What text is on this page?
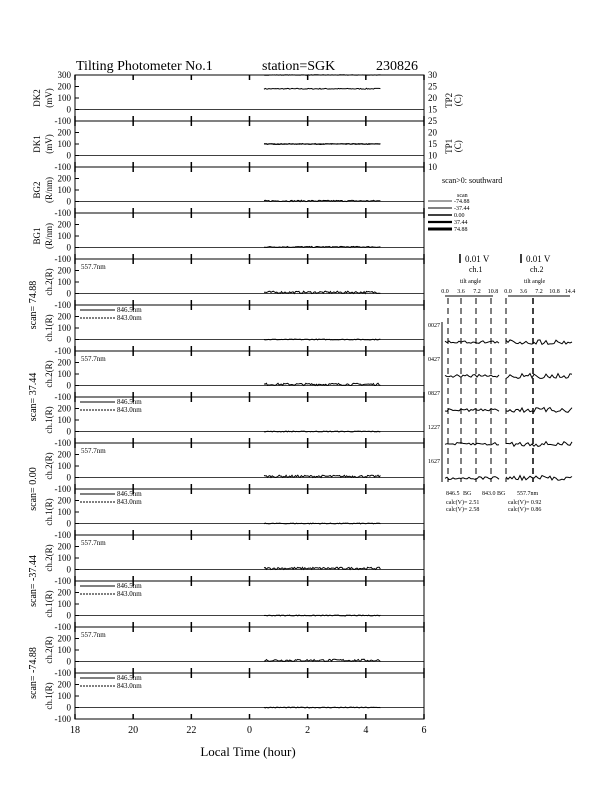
Tilting Photometer No.1	station=SGK	230826
300
200
100
0
-100
DK2 (mV)
200
100
0
-100
DK1 (mV)
200
100
0
-100
BG2 (R/nm)
200
100
0
-100
BG1 (R/nm)
200
100
0
-100
ch.2(R)
scan= 74.88
557.7nm
200
100
0
-100
ch.1(R)
846.5nm
843.0nm
200
100
0
-100
ch.2(R)
scan= 37.44
557.7nm
200
100
0
-100
ch.1(R)
846.5nm
843.0nm
200
100
0
-100
ch.2(R)
scan= 0.00
557.7nm
200
100
0
-100
ch.1(R)
846.5nm
843.0nm
200
100
0
-100
ch.2(R)
scan= -37.44
557.7nm
200
100
0
-100
ch.1(R)
846.5nm
843.0nm
200
100
0
-100
ch.2(R)
scan= -74.88
557.7nm
200
100
0
-100
ch.1(R)
846.5nm
843.0nm
30
25
20
15
TP2 (C)
25
20
15
10
TP1 (C)
10
Local Time (hour)
18	20	22	0	2	4	6
scan>0: southward
scan
0.01 V	0.01 V
ch.1	ch.2
tilt angle	tilt angle
-74.88
-37.44
0.00
37.44
74.88
0.0 3.6 7.2 10.8 0.0 3.6 7.2 10.8 14.4
0027
0427
0827
1227
1627
846.5 BG 843.0 BG 557.7nm
calc(V)= 2.51
calc(V)= 2.58
calc(V)= 0.92
calc(V)= 0.86
